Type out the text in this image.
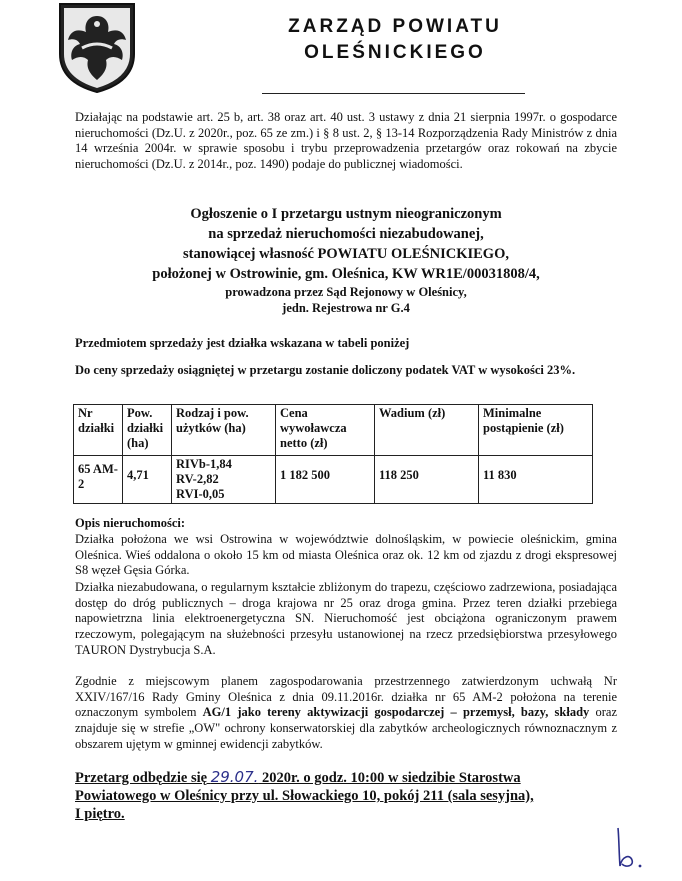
ZARZĄD POWIATU
OLEŚNICKIEGO
Działając na podstawie art. 25 b, art. 38 oraz art. 40 ust. 3 ustawy z dnia 21 sierpnia 1997r. o gospodarce nieruchomości (Dz.U. z 2020r., poz. 65 ze zm.) i § 8 ust. 2, § 13-14 Rozporządzenia Rady Ministrów z dnia 14 września 2004r. w sprawie sposobu i trybu przeprowadzenia przetargów oraz rokowań na zbycie nieruchomości (Dz.U. z 2014r., poz. 1490) podaje do publicznej wiadomości.
Ogłoszenie o I przetargu ustnym nieograniczonym
na sprzedaż nieruchomości niezabudowanej,
stanowiącej własność POWIATU OLEŚNICKIEGO,
położonej w Ostrowinie, gm. Oleśnica, KW WR1E/00031808/4,
prowadzona przez Sąd Rejonowy w Oleśnicy,
jedn. Rejestrowa nr G.4
Przedmiotem sprzedaży jest działka wskazana w tabeli poniżej
Do ceny sprzedaży osiągniętej w przetargu zostanie doliczony podatek VAT w wysokości 23%.
Nr działki	Pow. działki (ha)	Rodzaj i pow. użytków (ha)	Cena wywoławcza netto (zł)	Wadium (zł)	Minimalne postąpienie (zł)
65 AM-2	4,71	RIVb-1,84
RV-2,82
RVI-0,05	1 182 500	118 250	11 830
Opis nieruchomości:
Działka położona we wsi Ostrowina w województwie dolnośląskim, w powiecie oleśnickim, gmina Oleśnica. Wieś oddalona o około 15 km od miasta Oleśnica oraz ok. 12 km od zjazdu z drogi ekspresowej S8 węzeł Gęsia Górka.
Działka niezabudowana, o regularnym kształcie zbliżonym do trapezu, częściowo zadrzewiona, posiadająca dostęp do dróg publicznych – droga krajowa nr 25 oraz droga gmina. Przez teren działki przebiega napowietrzna linia elektroenergetyczna SN. Nieruchomość jest obciążona ograniczonym prawem rzeczowym, polegającym na służebności przesyłu ustanowionej na rzecz przedsiębiorstwa przesyłowego TAURON Dystrybucja S.A.
Zgodnie z miejscowym planem zagospodarowania przestrzennego zatwierdzonym uchwałą Nr XXIV/167/16 Rady Gminy Oleśnica z dnia 09.11.2016r. działka nr 65 AM-2 położona na terenie oznaczonym symbolem AG/1 jako tereny aktywizacji gospodarczej – przemysł, bazy, składy oraz znajduje się w strefie „OW" ochrony konserwatorskiej dla zabytków archeologicznych równoznacznym z obszarem ujętym w gminnej ewidencji zabytków.
Przetarg odbędzie się 29.07. 2020r. o godz. 10:00 w siedzibie Starostwa
Powiatowego w Oleśnicy przy ul. Słowackiego 10, pokój 211 (sala sesyjna),
I piętro.
